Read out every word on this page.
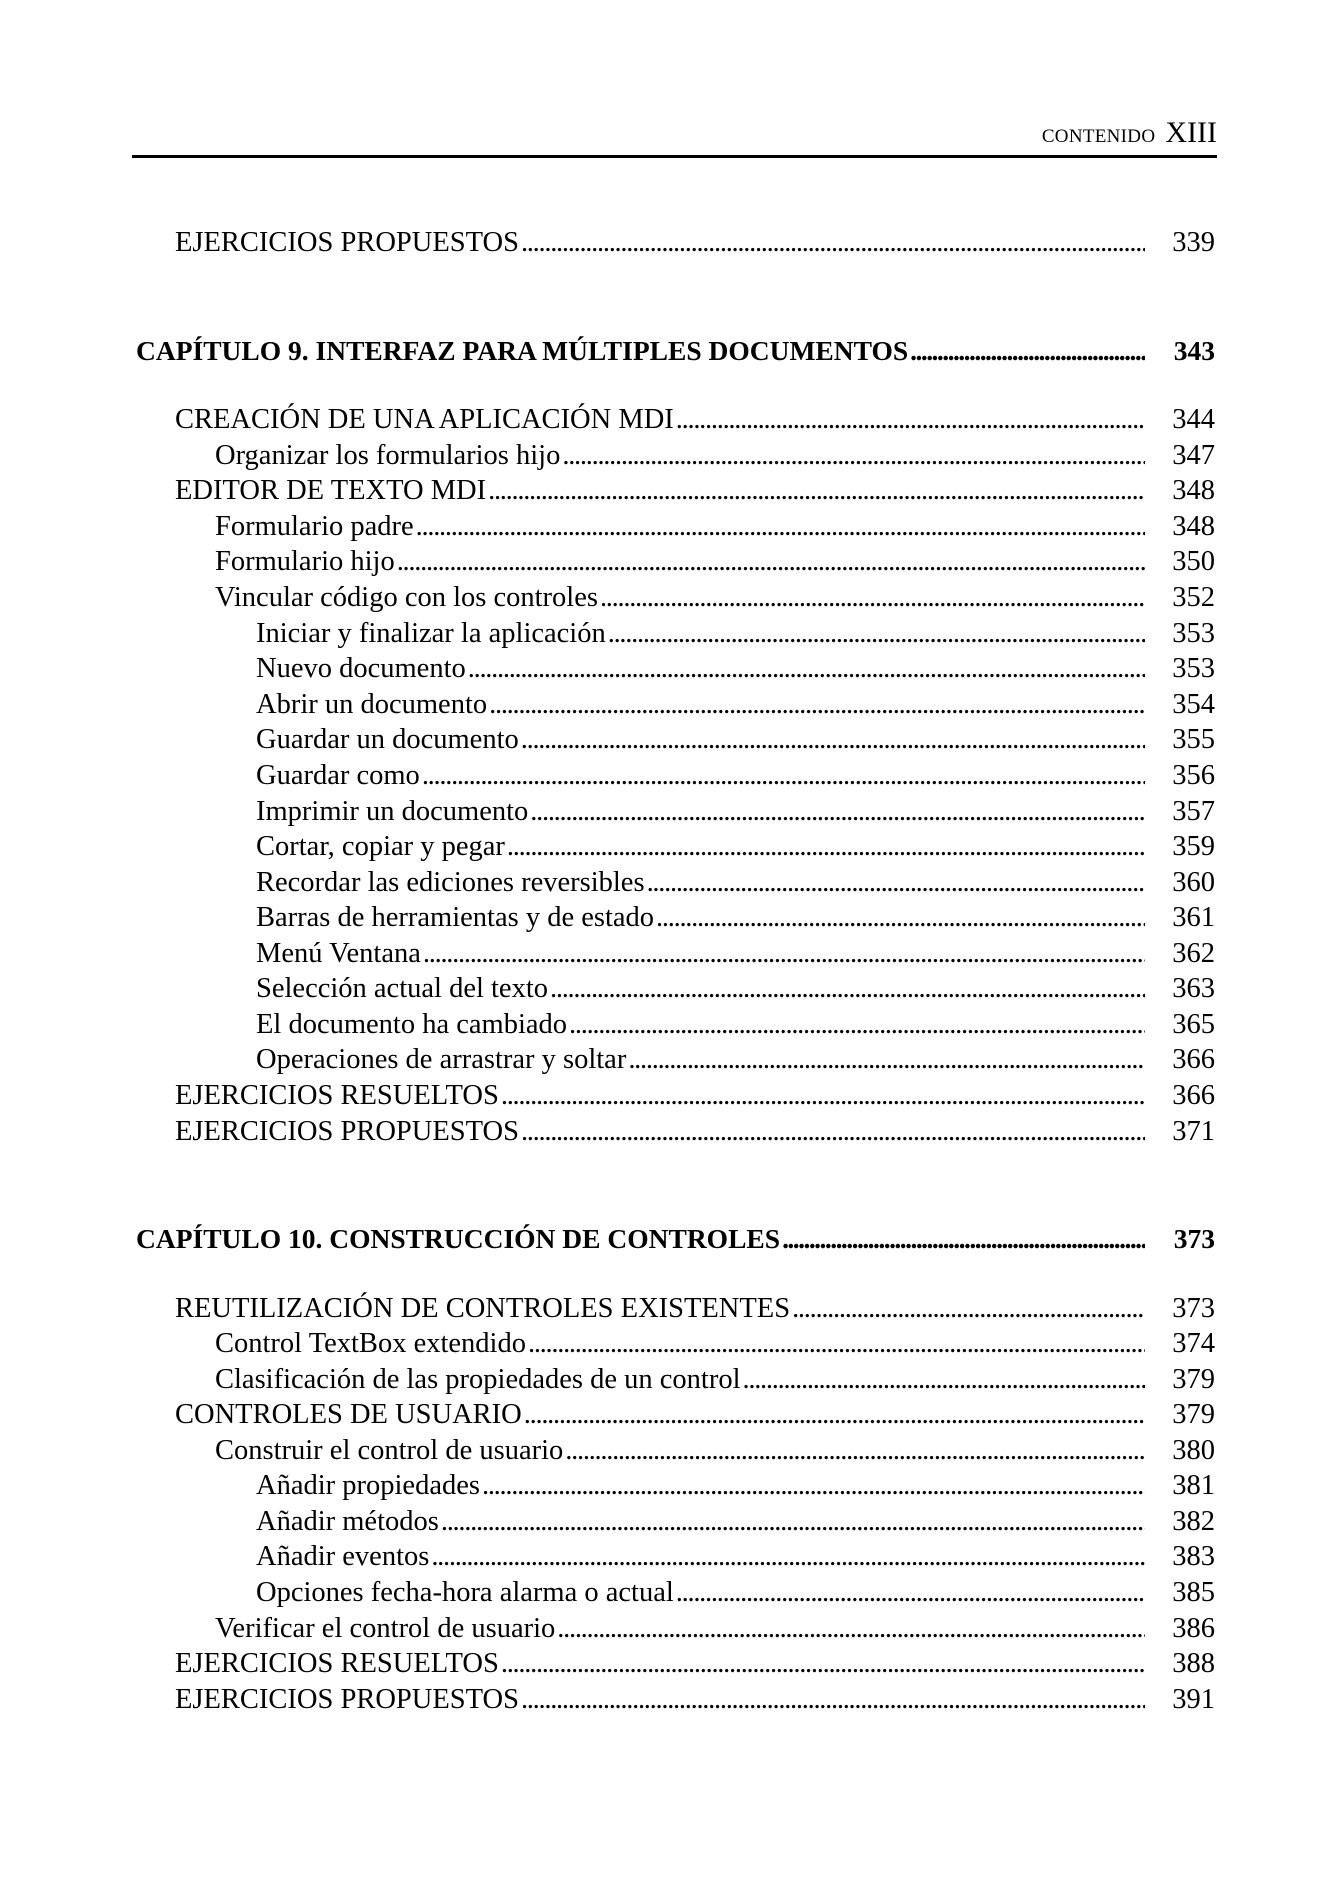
CONTENIDO XIII
EJERCICIOS PROPUESTOS . . .	339
CAPÍTULO 9. INTERFAZ PARA MÚLTIPLES DOCUMENTOS . . .	343
CREACIÓN DE UNA APLICACIÓN MDI . . .	344
Organizar los formularios hijo . . .	347
EDITOR DE TEXTO MDI . . .	348
Formulario padre . . .	348
Formulario hijo . . .	350
Vincular código con los controles . . .	352
Iniciar y finalizar la aplicación . . .	353
Nuevo documento . . .	353
Abrir un documento . . .	354
Guardar un documento . . .	355
Guardar como . . .	356
Imprimir un documento . . .	357
Cortar, copiar y pegar . . .	359
Recordar las ediciones reversibles . . .	360
Barras de herramientas y de estado . . .	361
Menú Ventana . . .	362
Selección actual del texto . . .	363
El documento ha cambiado . . .	365
Operaciones de arrastrar y soltar . . .	366
EJERCICIOS RESUELTOS . . .	366
EJERCICIOS PROPUESTOS . . .	371
CAPÍTULO 10. CONSTRUCCIÓN DE CONTROLES . . .	373
REUTILIZACIÓN DE CONTROLES EXISTENTES . . .	373
Control TextBox extendido . . .	374
Clasificación de las propiedades de un control . . .	379
CONTROLES DE USUARIO . . .	379
Construir el control de usuario . . .	380
Añadir propiedades . . .	381
Añadir métodos . . .	382
Añadir eventos . . .	383
Opciones fecha-hora alarma o actual . . .	385
Verificar el control de usuario . . .	386
EJERCICIOS RESUELTOS . . .	388
EJERCICIOS PROPUESTOS . . .	391
